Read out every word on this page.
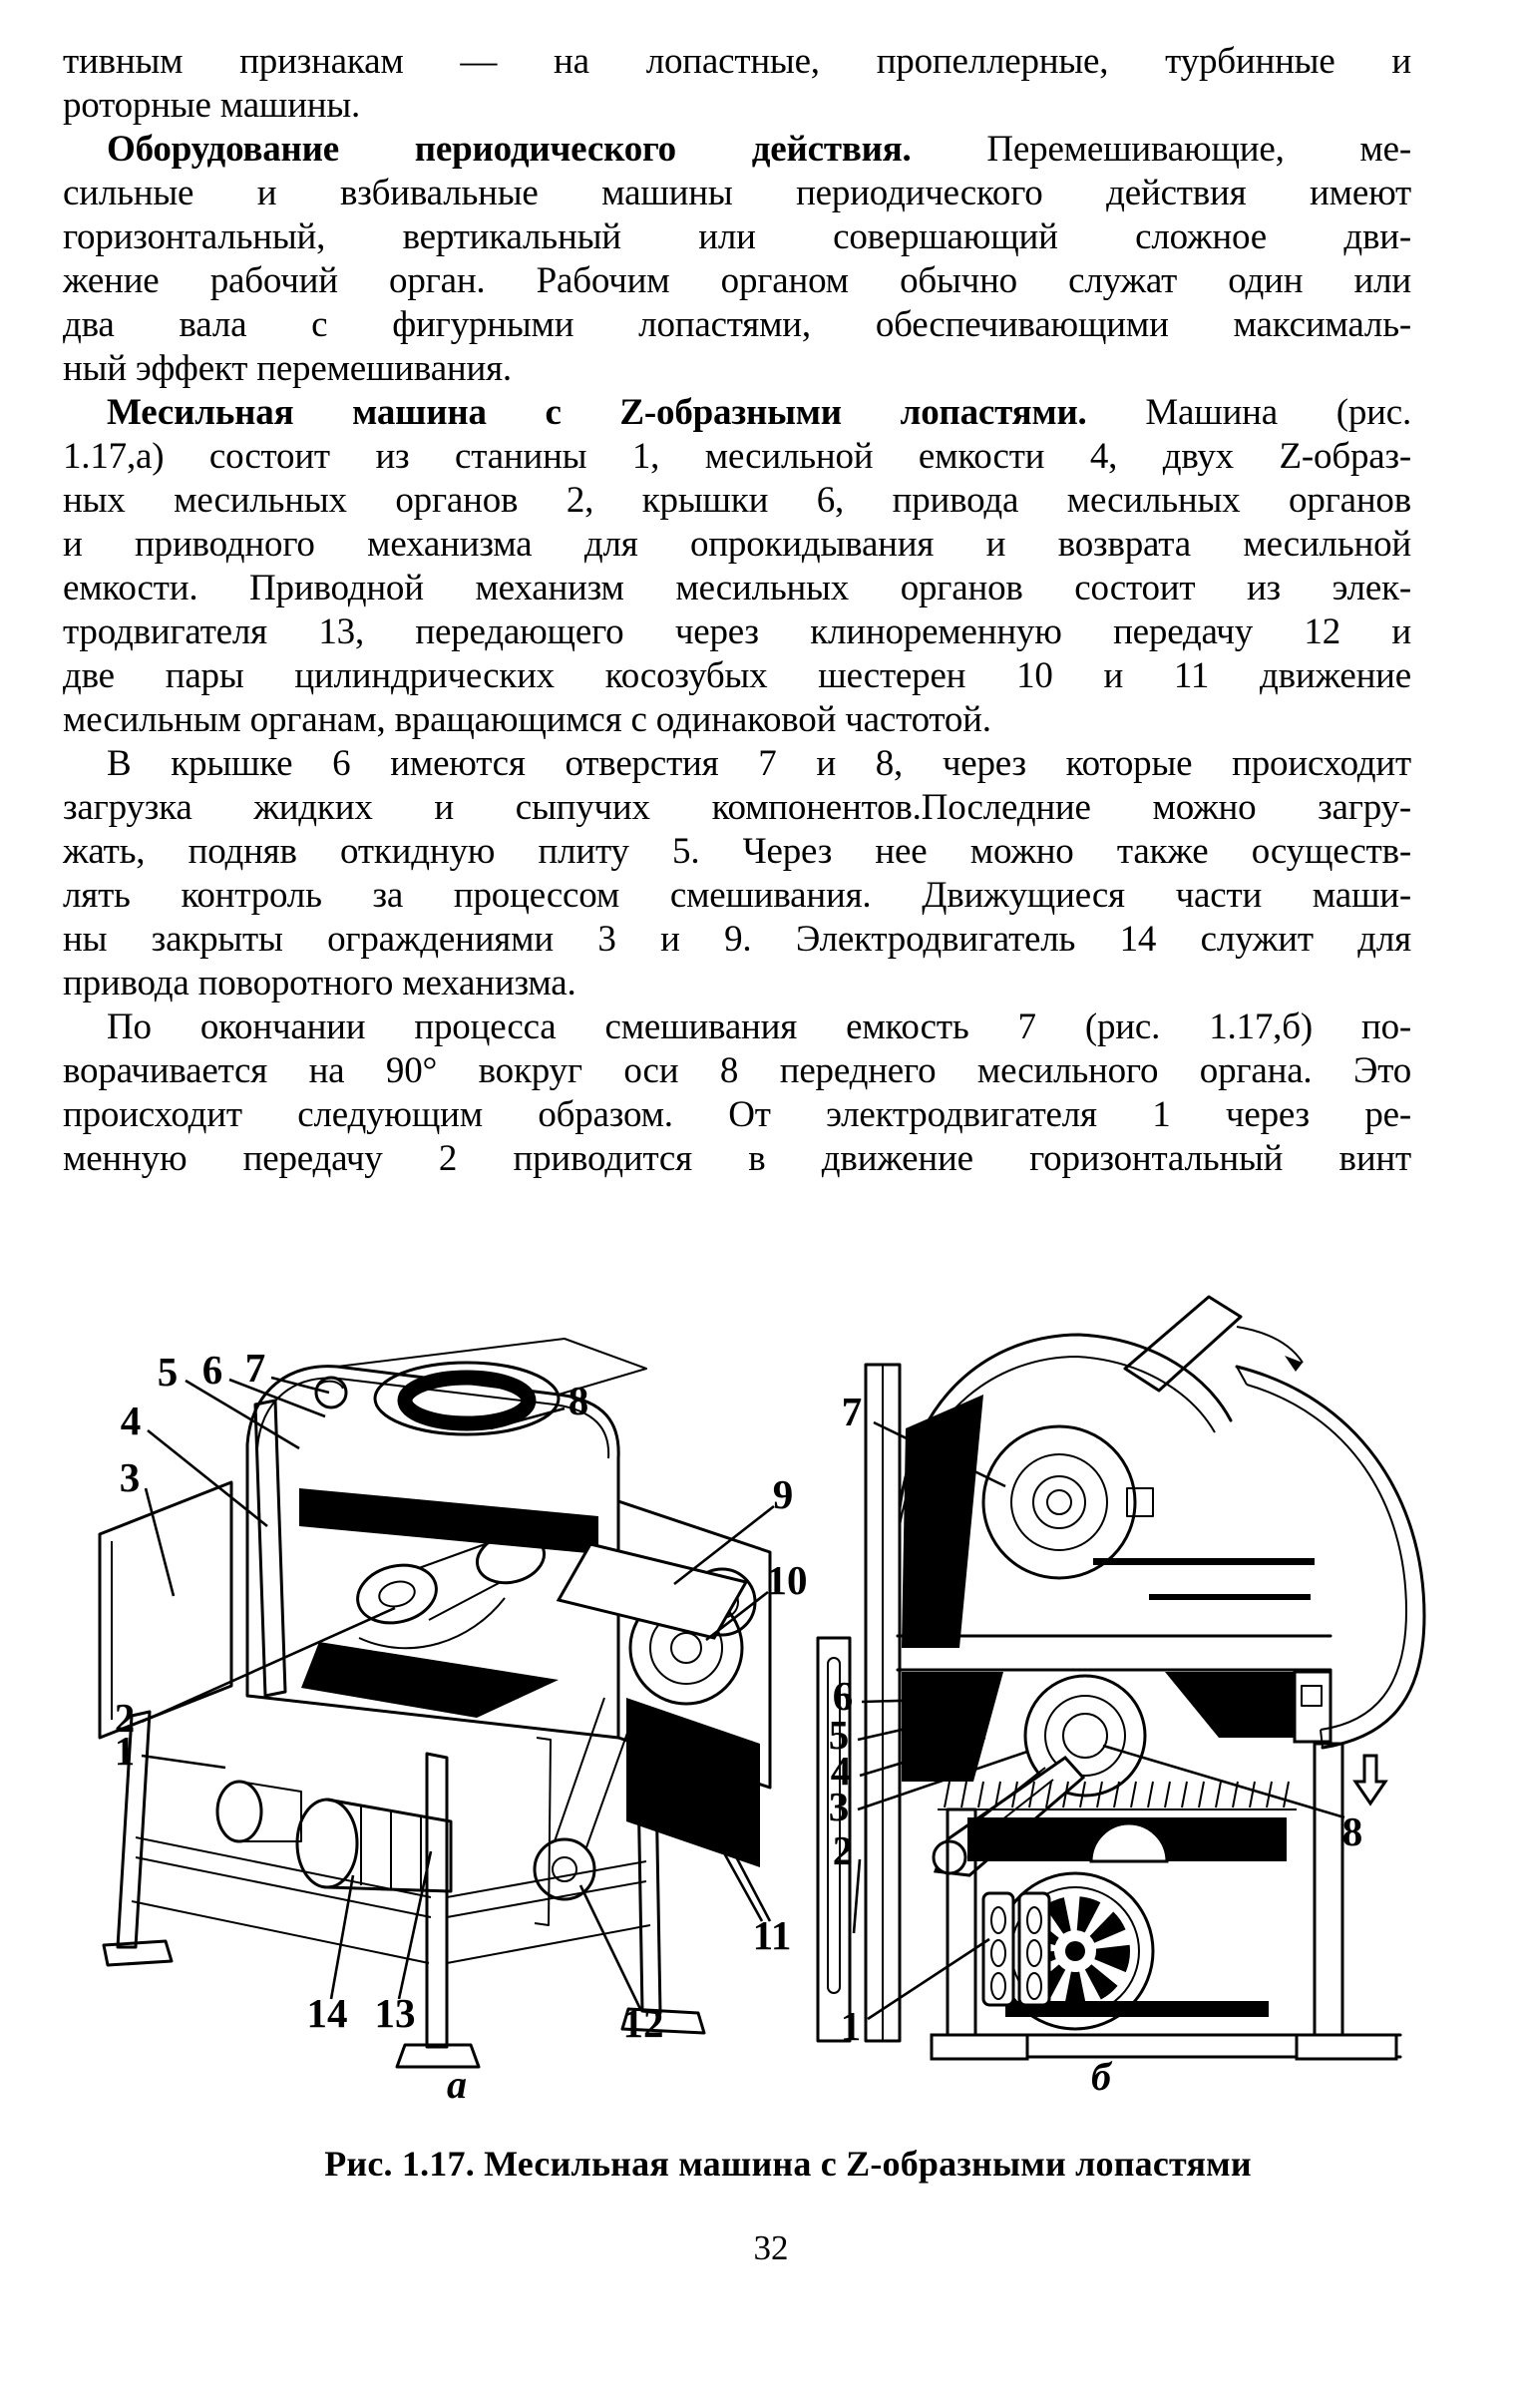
тивным признакам — на лопастные, пропеллерные, турбинные и
роторные машины.
Оборудование периодического действия. Перемешивающие, ме-
сильные и взбивальные машины периодического действия имеют
горизонтальный, вертикальный или совершающий сложное дви-
жение рабочий орган. Рабочим органом обычно служат один или
два вала с фигурными лопастями, обеспечивающими максималь-
ный эффект перемешивания.
Месильная машина с Z-образными лопастями. Машина (рис.
1.17,а) состоит из станины 1, месильной емкости 4, двух Z-образ-
ных месильных органов 2, крышки 6, привода месильных органов
и приводного механизма для опрокидывания и возврата месильной
емкости. Приводной механизм месильных органов состоит из элек-
тродвигателя 13, передающего через клиноременную передачу 12 и
две пары цилиндрических косозубых шестерен 10 и 11 движение
месильным органам, вращающимся с одинаковой частотой.
В крышке 6 имеются отверстия 7 и 8, через которые происходит
загрузка жидких и сыпучих компонентов.Последние можно загру-
жать, подняв откидную плиту 5. Через нее можно также осуществ-
лять контроль за процессом смешивания. Движущиеся части маши-
ны закрыты ограждениями 3 и 9. Электродвигатель 14 служит для
привода поворотного механизма.
По окончании процесса смешивания емкость 7 (рис. 1.17,б) по-
ворачивается на 90° вокруг оси 8 переднего месильного органа. Это
происходит следующим образом. От электродвигателя 1 через ре-
менную передачу 2 приводится в движение горизонтальный винт
5 6 7
8
4
3	9
10
2
1
11
12
13
14
7
6
5
4
3
2	8
1
а	б
Рис. 1.17. Месильная машина с Z-образными лопастями
32
